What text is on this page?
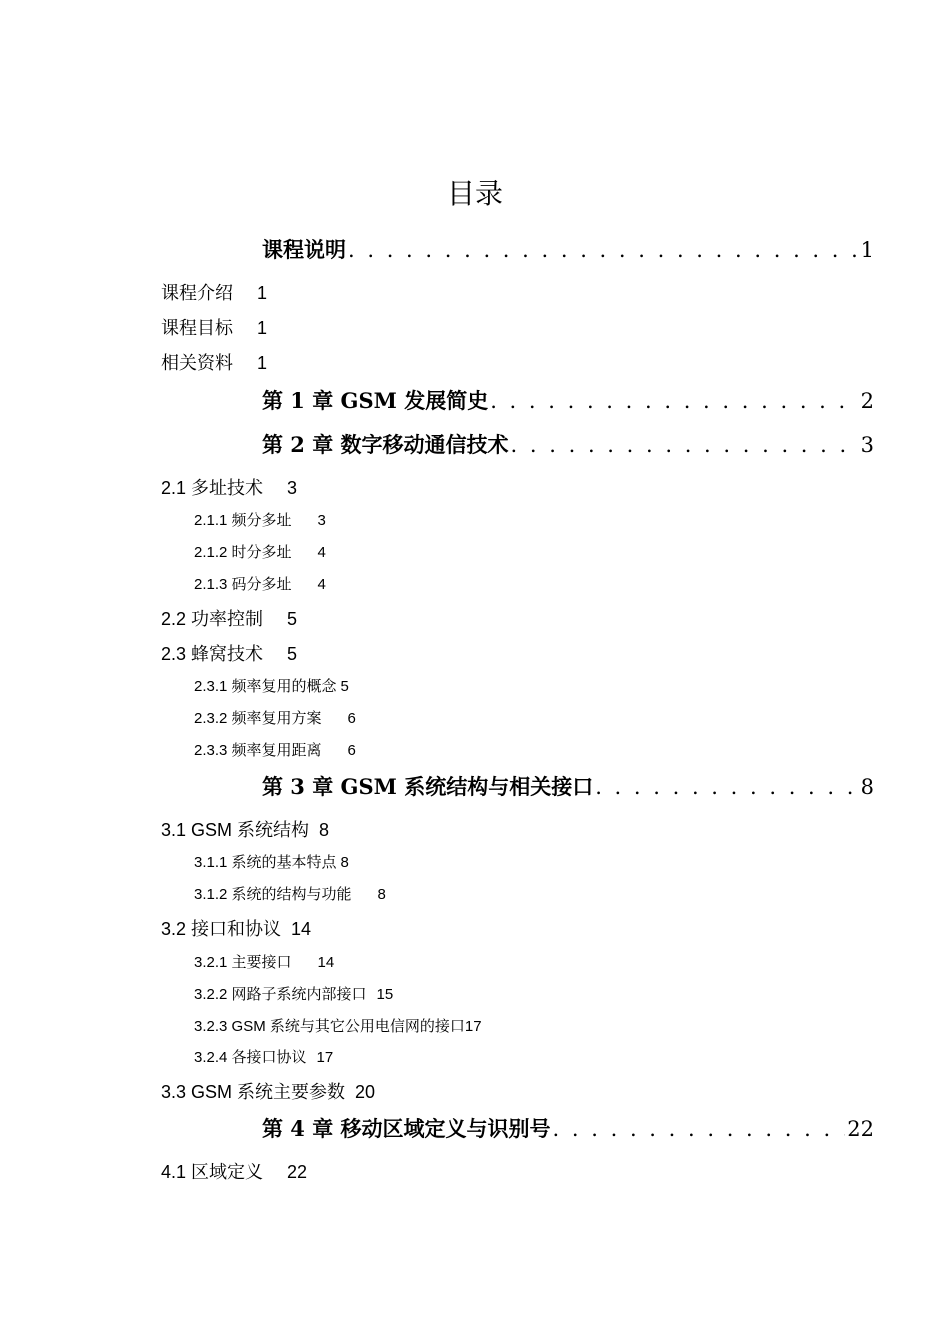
目录
课程说明 . . .	1
课程介绍 1
课程目标 1
相关资料 1
第 1 章 GSM 发展简史 . . .	2
第 2 章 数字移动通信技术 . . .	3
2.1 多址技术 3
2.1.1 频分多址 3
2.1.2 时分多址 4
2.1.3 码分多址 4
2.2 功率控制 5
2.3 蜂窝技术 5
2.3.1 频率复用的概念 5
2.3.2 频率复用方案 6
2.3.3 频率复用距离 6
第 3 章 GSM 系统结构与相关接口 . . .	8
3.1 GSM 系统结构 8
3.1.1 系统的基本特点 8
3.1.2 系统的结构与功能 8
3.2 接口和协议 14
3.2.1 主要接口 14
3.2.2 网路子系统内部接口 15
3.2.3 GSM 系统与其它公用电信网的接口 17
3.2.4 各接口协议 17
3.3 GSM 系统主要参数 20
第 4 章 移动区域定义与识别号 . . .	22
4.1 区域定义 22
